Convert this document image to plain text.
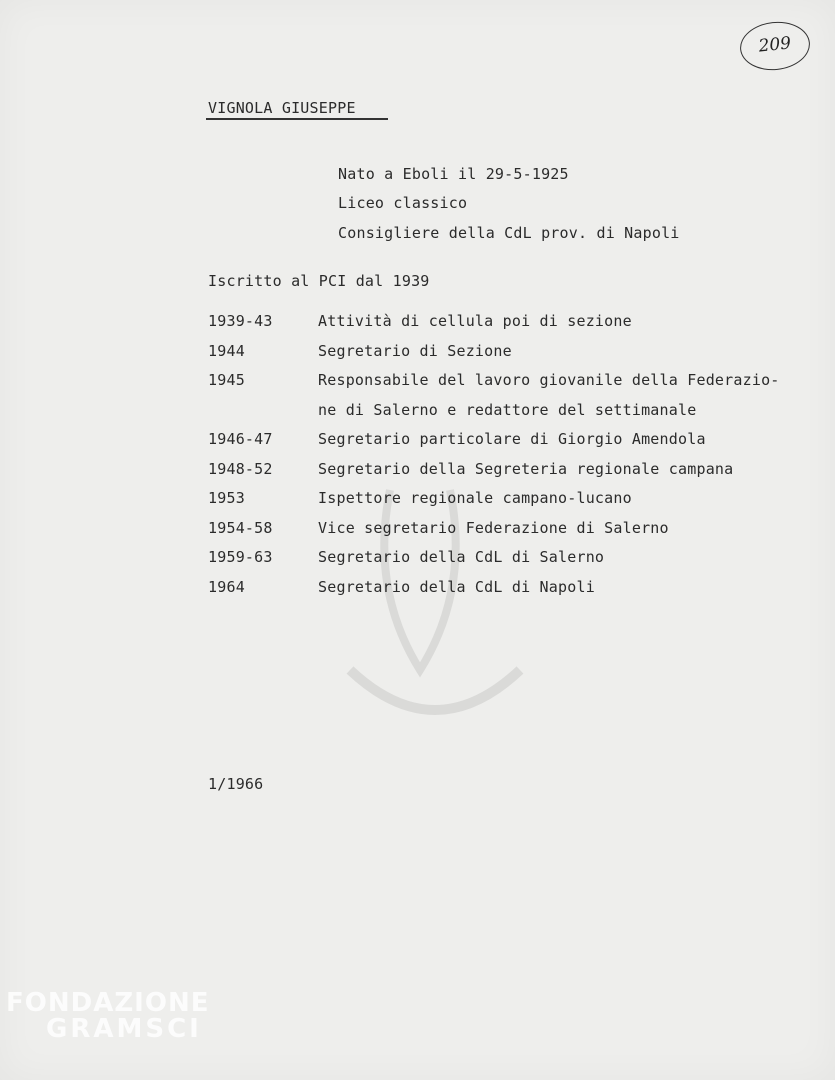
209
VIGNOLA GIUSEPPE
Nato a Eboli il 29-5-1925
Liceo classico
Consigliere della CdL prov. di Napoli
Iscritto al PCI dal 1939
1939-43	Attività di cellula poi di sezione
1944	Segretario di Sezione
1945	Responsabile del lavoro giovanile della Federazio-
ne di Salerno e redattore del settimanale
1946-47	Segretario particolare di Giorgio Amendola
1948-52	Segretario della Segreteria regionale campana
1953	Ispettore regionale campano-lucano
1954-58	Vice segretario Federazione di Salerno
1959-63	Segretario della CdL di Salerno
1964	Segretario della CdL di Napoli
1/1966
FONDAZIONE
GRAMSCI
